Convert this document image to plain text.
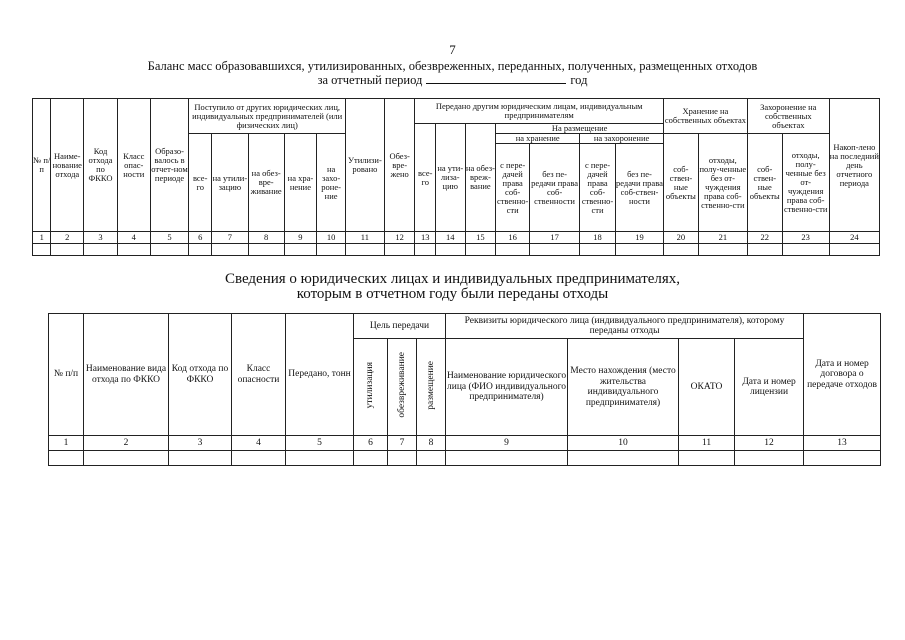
7
Баланс масс образовавшихся, утилизированных, обезвреженных, переданных, полученных, размещенных отходов
за отчетный период	год
№ п/п	Наиме-нование отхода	Код отхода по ФККО	Класс опас-ности	Образо-валось в отчет-ном периоде	Поступило от других юридических лиц, индивидуальных предпринимателей (или физических лиц)					Утилизи-ровано	Обез-вре-жено	Передано другим юридическим лицам, индивидуальным предпринимателям							Хранение на собственных объектах		Захоронение на собственных объектах		Накоп-лено на последний день отчетного периода
												все-го	на ути-лиза-цию	на обез-вреж-вание	На размещение								
					все-го	на утили-зацию	на обез-вре-живание	на хра-нение	на захо-роне-ние						на хранение		на захоронение		соб-ствен-ные объекты	отходы, полу-ченные без от-чуждения права соб-ственно-сти	соб-ствен-ные объекты	отходы, полу-ченные без от-чуждения права соб-ственно-сти	
															с пере-дачей права соб-ственно-сти	без пе-редачи права соб-ственности	с пере-дачей права соб-ственно-сти	без пе-редачи права соб-ствен-ности					
1	2	3	4	5	6	7	8	9	10	11	12	13	14	15	16	17	18	19	20	21	22	23	24

Сведения о юридических лицах и индивидуальных предпринимателях,
которым в отчетном году были переданы отходы
№ п/п	Наименование вида отхода по ФККО	Код отхода по ФККО	Класс опасности	Передано, тонн	Цель передачи			Реквизиты юридического лица (индивидуального предпринимателя), которому переданы отходы				Дата и номер договора о передаче отходов
					утилизация	обезвреживание	размещение	Наименование юридического лица (ФИО индивидуального предпринимателя)	Место нахождения (место жительства индивидуального предпринимателя)	ОКАТО	Дата и номер лицензии	
1	2	3	4	5	6	7	8	9	10	11	12	13
